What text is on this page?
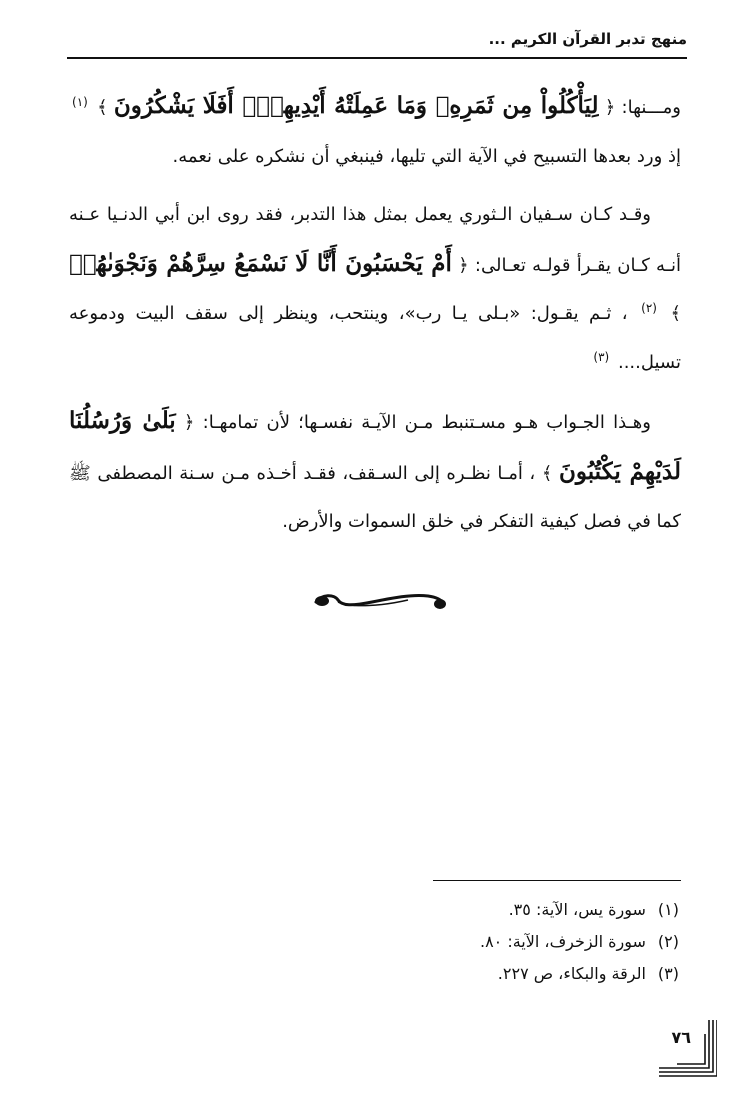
منهج تدبر القرآن الكريم ...

ومـــنها: ﴿ لِيَأْكُلُواْ مِن ثَمَرِهِۦ وَمَا عَمِلَتْهُ أَيْدِيهِمْۚ أَفَلَا يَشْكُرُونَ ﴾ $^{(١)}$ إذ ورد بعدها التسبيح في الآية التي تليها، فينبغي أن نشكره على نعمه.

وقـد كـان سـفيان الـثوري يعمل بمثل هذا التدبر، فقد روى ابن أبي الدنـيا عـنه أنـه كـان يقـرأ قولـه تعـالى: ﴿ أَمْ يَحْسَبُونَ أَنَّا لَا نَسْمَعُ سِرَّهُمْ وَنَجْوَىٰهُمۚ ﴾ $^{(٢)}$ ، ثـم يقـول: «بـلى يـا رب»، وينتحب، وينظر إلى سقف البيت ودموعه تسيل.... $^{(٣)}$

وهـذا الجـواب هـو مسـتنبط مـن الآيـة نفسـها؛ لأن تمامهـا: ﴿ بَلَىٰ وَرُسُلُنَا لَدَيْهِمْ يَكْتُبُونَ ﴾ ، أمـا نظـره إلى السـقف، فقـد أخـذه مـن سـنة المصطفى ﷺ كما في فصل كيفية التفكر في خلق السموات والأرض.

(١)سورة يس، الآية: ٣٥.
(٢)سورة الزخرف، الآية: ٨٠.
(٣)الرقة والبكاء، ص ٢٢٧.
٧٦
